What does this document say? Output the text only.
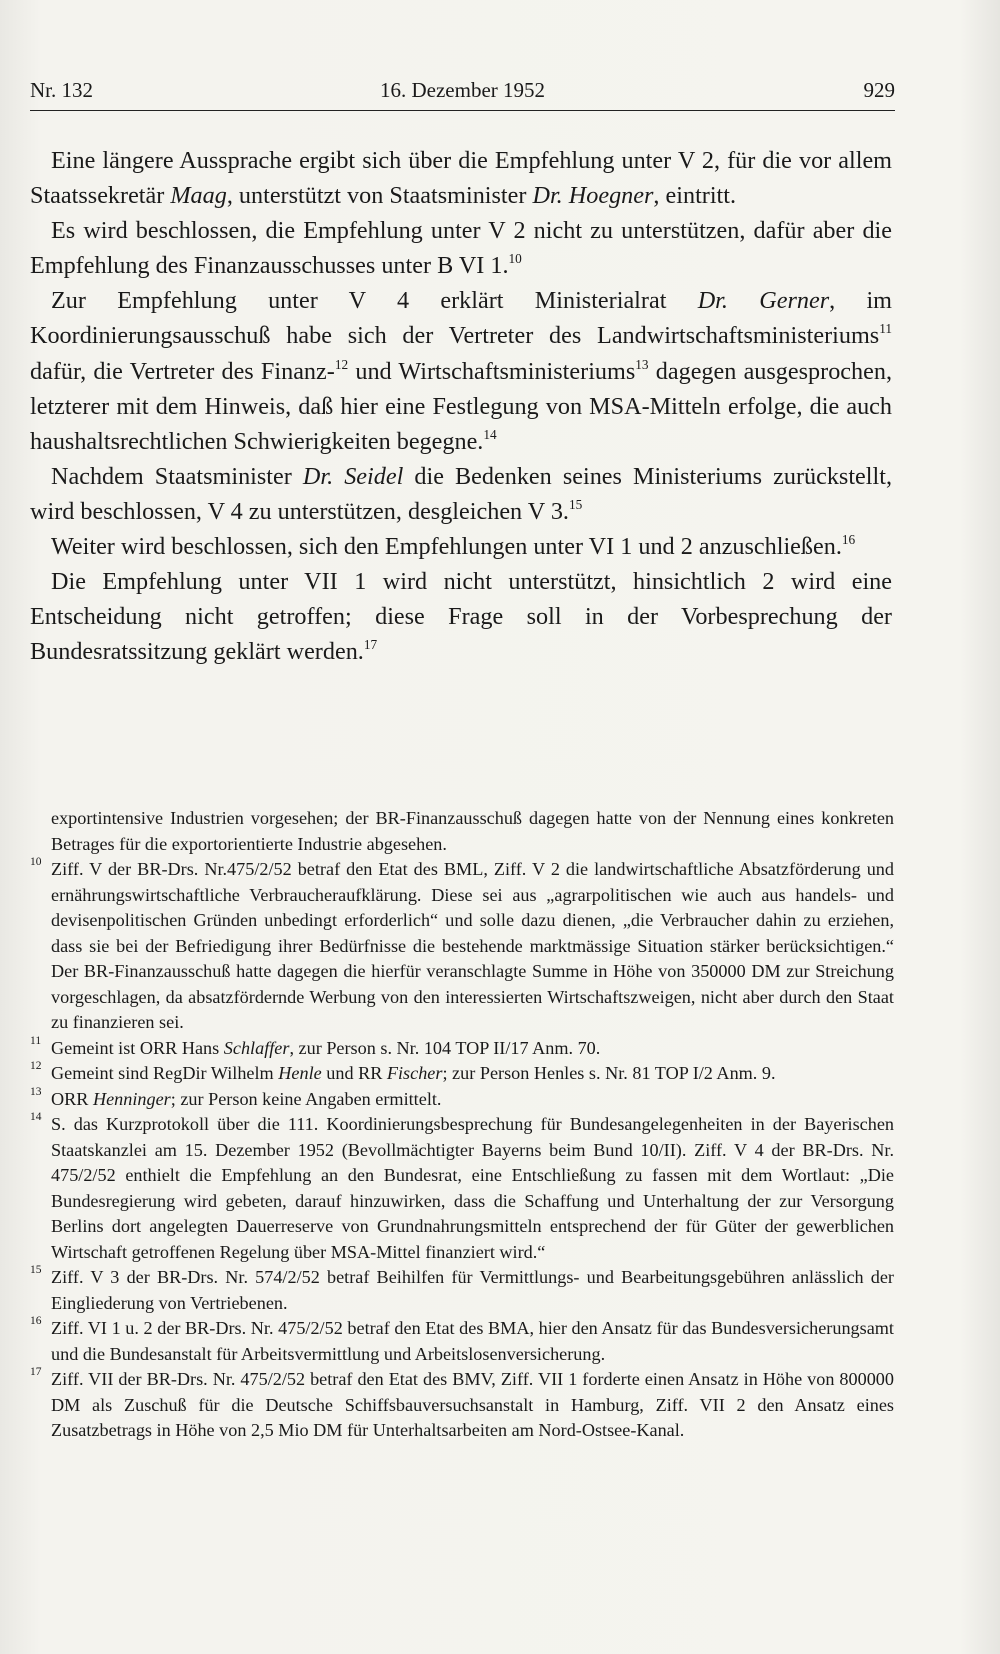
Nr. 132	16. Dezember 1952	929

Eine längere Aussprache ergibt sich über die Empfehlung unter V 2, für die vor allem Staatssekretär Maag, unterstützt von Staatsminister Dr. Hoegner, eintritt.

Es wird beschlossen, die Empfehlung unter V 2 nicht zu unterstützen, dafür aber die Empfehlung des Finanzausschusses unter B VI 1.10

Zur Empfehlung unter V 4 erklärt Ministerialrat Dr. Gerner, im Koordinierungsausschuß habe sich der Vertreter des Landwirtschaftsministeriums$^{11}$ dafür, die Vertreter des Finanz-$^{12}$ und Wirtschaftsministeriums$^{13}$ dagegen ausgesprochen, letzterer mit dem Hinweis, daß hier eine Festlegung von MSA-Mitteln erfolge, die auch haushaltsrechtlichen Schwierigkeiten begegne.$^{14}$

Nachdem Staatsminister Dr. Seidel die Bedenken seines Ministeriums zurückstellt, wird beschlossen, V 4 zu unterstützen, desgleichen V 3.15

Weiter wird beschlossen, sich den Empfehlungen unter VI 1 und 2 anzuschließen.$^{16}$

Die Empfehlung unter VII 1 wird nicht unterstützt, hinsichtlich 2 wird eine Entscheidung nicht getroffen; diese Frage soll in der Vorbesprechung der Bundesratssitzung geklärt werden.$^{17}$

exportintensive Industrien vorgesehen; der BR-Finanzausschuß dagegen hatte von der Nennung eines konkreten Betrages für die exportorientierte Industrie abgesehen.

10 Ziff. V der BR-Drs. Nr.475/2/52 betraf den Etat des BML, Ziff. V 2 die landwirtschaftliche Absatzförderung und ernährungswirtschaftliche Verbraucheraufklärung. Diese sei aus „agrarpolitischen wie auch aus handels- und devisenpolitischen Gründen unbedingt erforderlich“ und solle dazu dienen, „die Verbraucher dahin zu erziehen, dass sie bei der Befriedigung ihrer Bedürfnisse die bestehende marktmässige Situation stärker berücksichtigen.“ Der BR-Finanzausschuß hatte dagegen die hierfür veranschlagte Summe in Höhe von 350000 DM zur Streichung vorgeschlagen, da absatzfördernde Werbung von den interessierten Wirtschaftszweigen, nicht aber durch den Staat zu finanzieren sei.

11 Gemeint ist ORR Hans Schlaffer, zur Person s. Nr. 104 TOP II/17 Anm. 70.

12 Gemeint sind RegDir Wilhelm Henle und RR Fischer; zur Person Henles s. Nr. 81 TOP I/2 Anm. 9.

13 ORR Henninger; zur Person keine Angaben ermittelt.

14 S. das Kurzprotokoll über die 111. Koordinierungsbesprechung für Bundesangelegenheiten in der Bayerischen Staatskanzlei am 15. Dezember 1952 (Bevollmächtigter Bayerns beim Bund 10/II). Ziff. V 4 der BR-Drs. Nr. 475/2/52 enthielt die Empfehlung an den Bundesrat, eine Entschließung zu fassen mit dem Wortlaut: „Die Bundesregierung wird gebeten, darauf hinzuwirken, dass die Schaffung und Unterhaltung der zur Versorgung Berlins dort angelegten Dauerreserve von Grundnahrungsmitteln entsprechend der für Güter der gewerblichen Wirtschaft getroffenen Regelung über MSA-Mittel finanziert wird.“

15 Ziff. V 3 der BR-Drs. Nr. 574/2/52 betraf Beihilfen für Vermittlungs- und Bearbeitungsgebühren anlässlich der Eingliederung von Vertriebenen.

16 Ziff. VI 1 u. 2 der BR-Drs. Nr. 475/2/52 betraf den Etat des BMA, hier den Ansatz für das Bundesversicherungsamt und die Bundesanstalt für Arbeitsvermittlung und Arbeitslosenversicherung.

17 Ziff. VII der BR-Drs. Nr. 475/2/52 betraf den Etat des BMV, Ziff. VII 1 forderte einen Ansatz in Höhe von 800000 DM als Zuschuß für die Deutsche Schiffsbauversuchsanstalt in Hamburg, Ziff. VII 2 den Ansatz eines Zusatzbetrags in Höhe von 2,5 Mio DM für Unterhaltsarbeiten am Nord-Ostsee-Kanal.
